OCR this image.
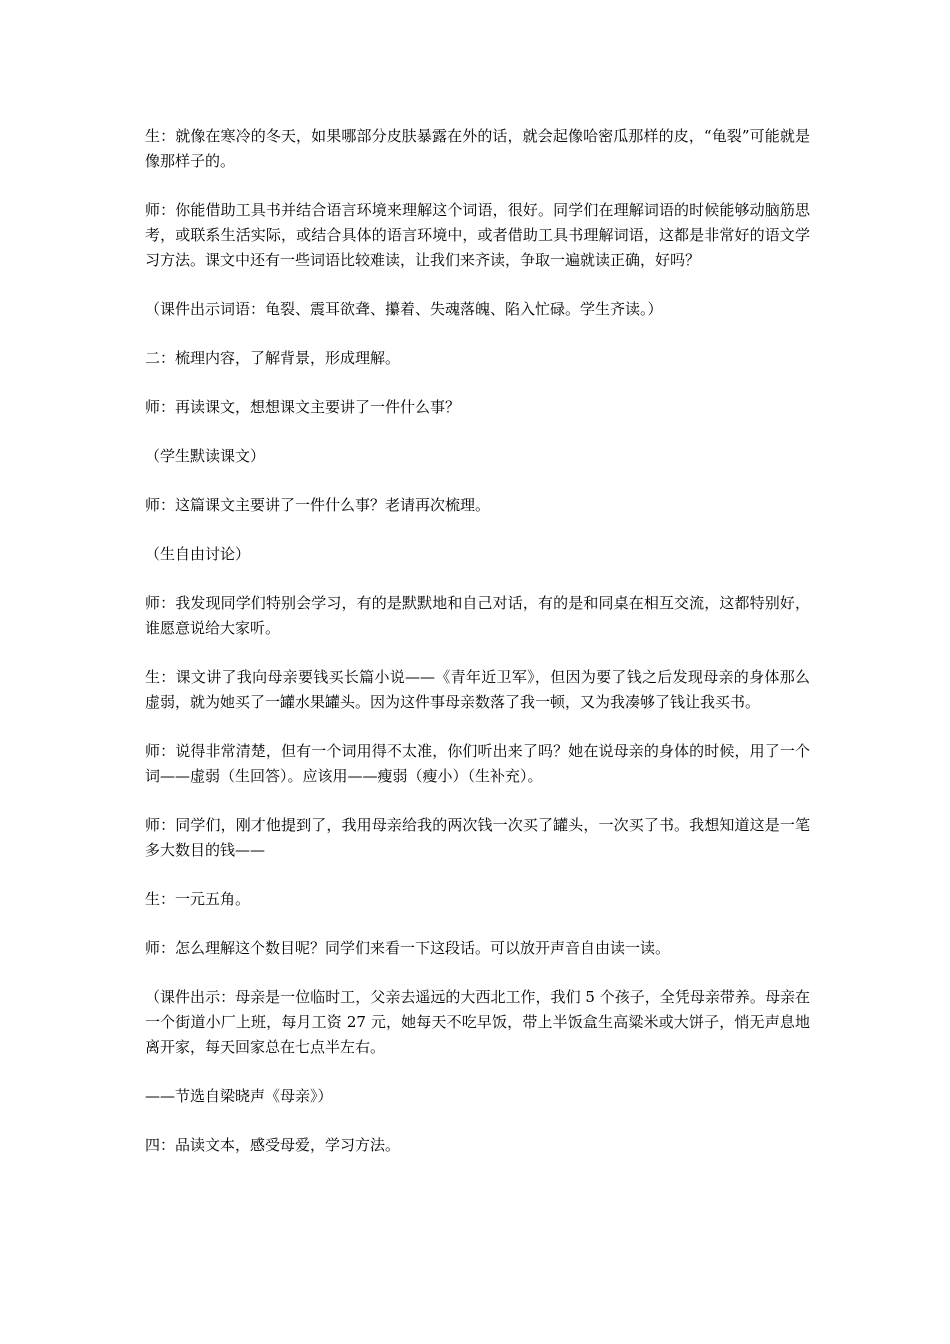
生：就像在寒冷的冬天，如果哪部分皮肤暴露在外的话，就会起像哈密瓜那样的皮，“龟裂”可能就是像那样子的。

师：你能借助工具书并结合语言环境来理解这个词语，很好。同学们在理解词语的时候能够动脑筋思考，或联系生活实际，或结合具体的语言环境中，或者借助工具书理解词语，这都是非常好的语文学习方法。课文中还有一些词语比较难读，让我们来齐读，争取一遍就读正确，好吗？

（课件出示词语：龟裂、震耳欲聋、攥着、失魂落魄、陷入忙碌。学生齐读。）

二：梳理内容，了解背景，形成理解。

师：再读课文，想想课文主要讲了一件什么事？

（学生默读课文）

师：这篇课文主要讲了一件什么事？老请再次梳理。

（生自由讨论）

师：我发现同学们特别会学习，有的是默默地和自己对话，有的是和同桌在相互交流，这都特别好，谁愿意说给大家听。

生：课文讲了我向母亲要钱买长篇小说——《青年近卫军》，但因为要了钱之后发现母亲的身体那么虚弱，就为她买了一罐水果罐头。因为这件事母亲数落了我一顿，又为我凑够了钱让我买书。

师：说得非常清楚，但有一个词用得不太准，你们听出来了吗？她在说母亲的身体的时候，用了一个词——虚弱（生回答）。应该用——瘦弱（瘦小）（生补充）。

师：同学们，刚才他提到了，我用母亲给我的两次钱一次买了罐头，一次买了书。我想知道这是一笔多大数目的钱——

生：一元五角。

师：怎么理解这个数目呢？同学们来看一下这段话。可以放开声音自由读一读。

（课件出示：母亲是一位临时工，父亲去遥远的大西北工作，我们 5 个孩子，全凭母亲带养。母亲在一个街道小厂上班，每月工资 27 元，她每天不吃早饭，带上半饭盒生高粱米或大饼子，悄无声息地离开家，每天回家总在七点半左右。

——节选自梁晓声《母亲》）

四：品读文本，感受母爱，学习方法。
